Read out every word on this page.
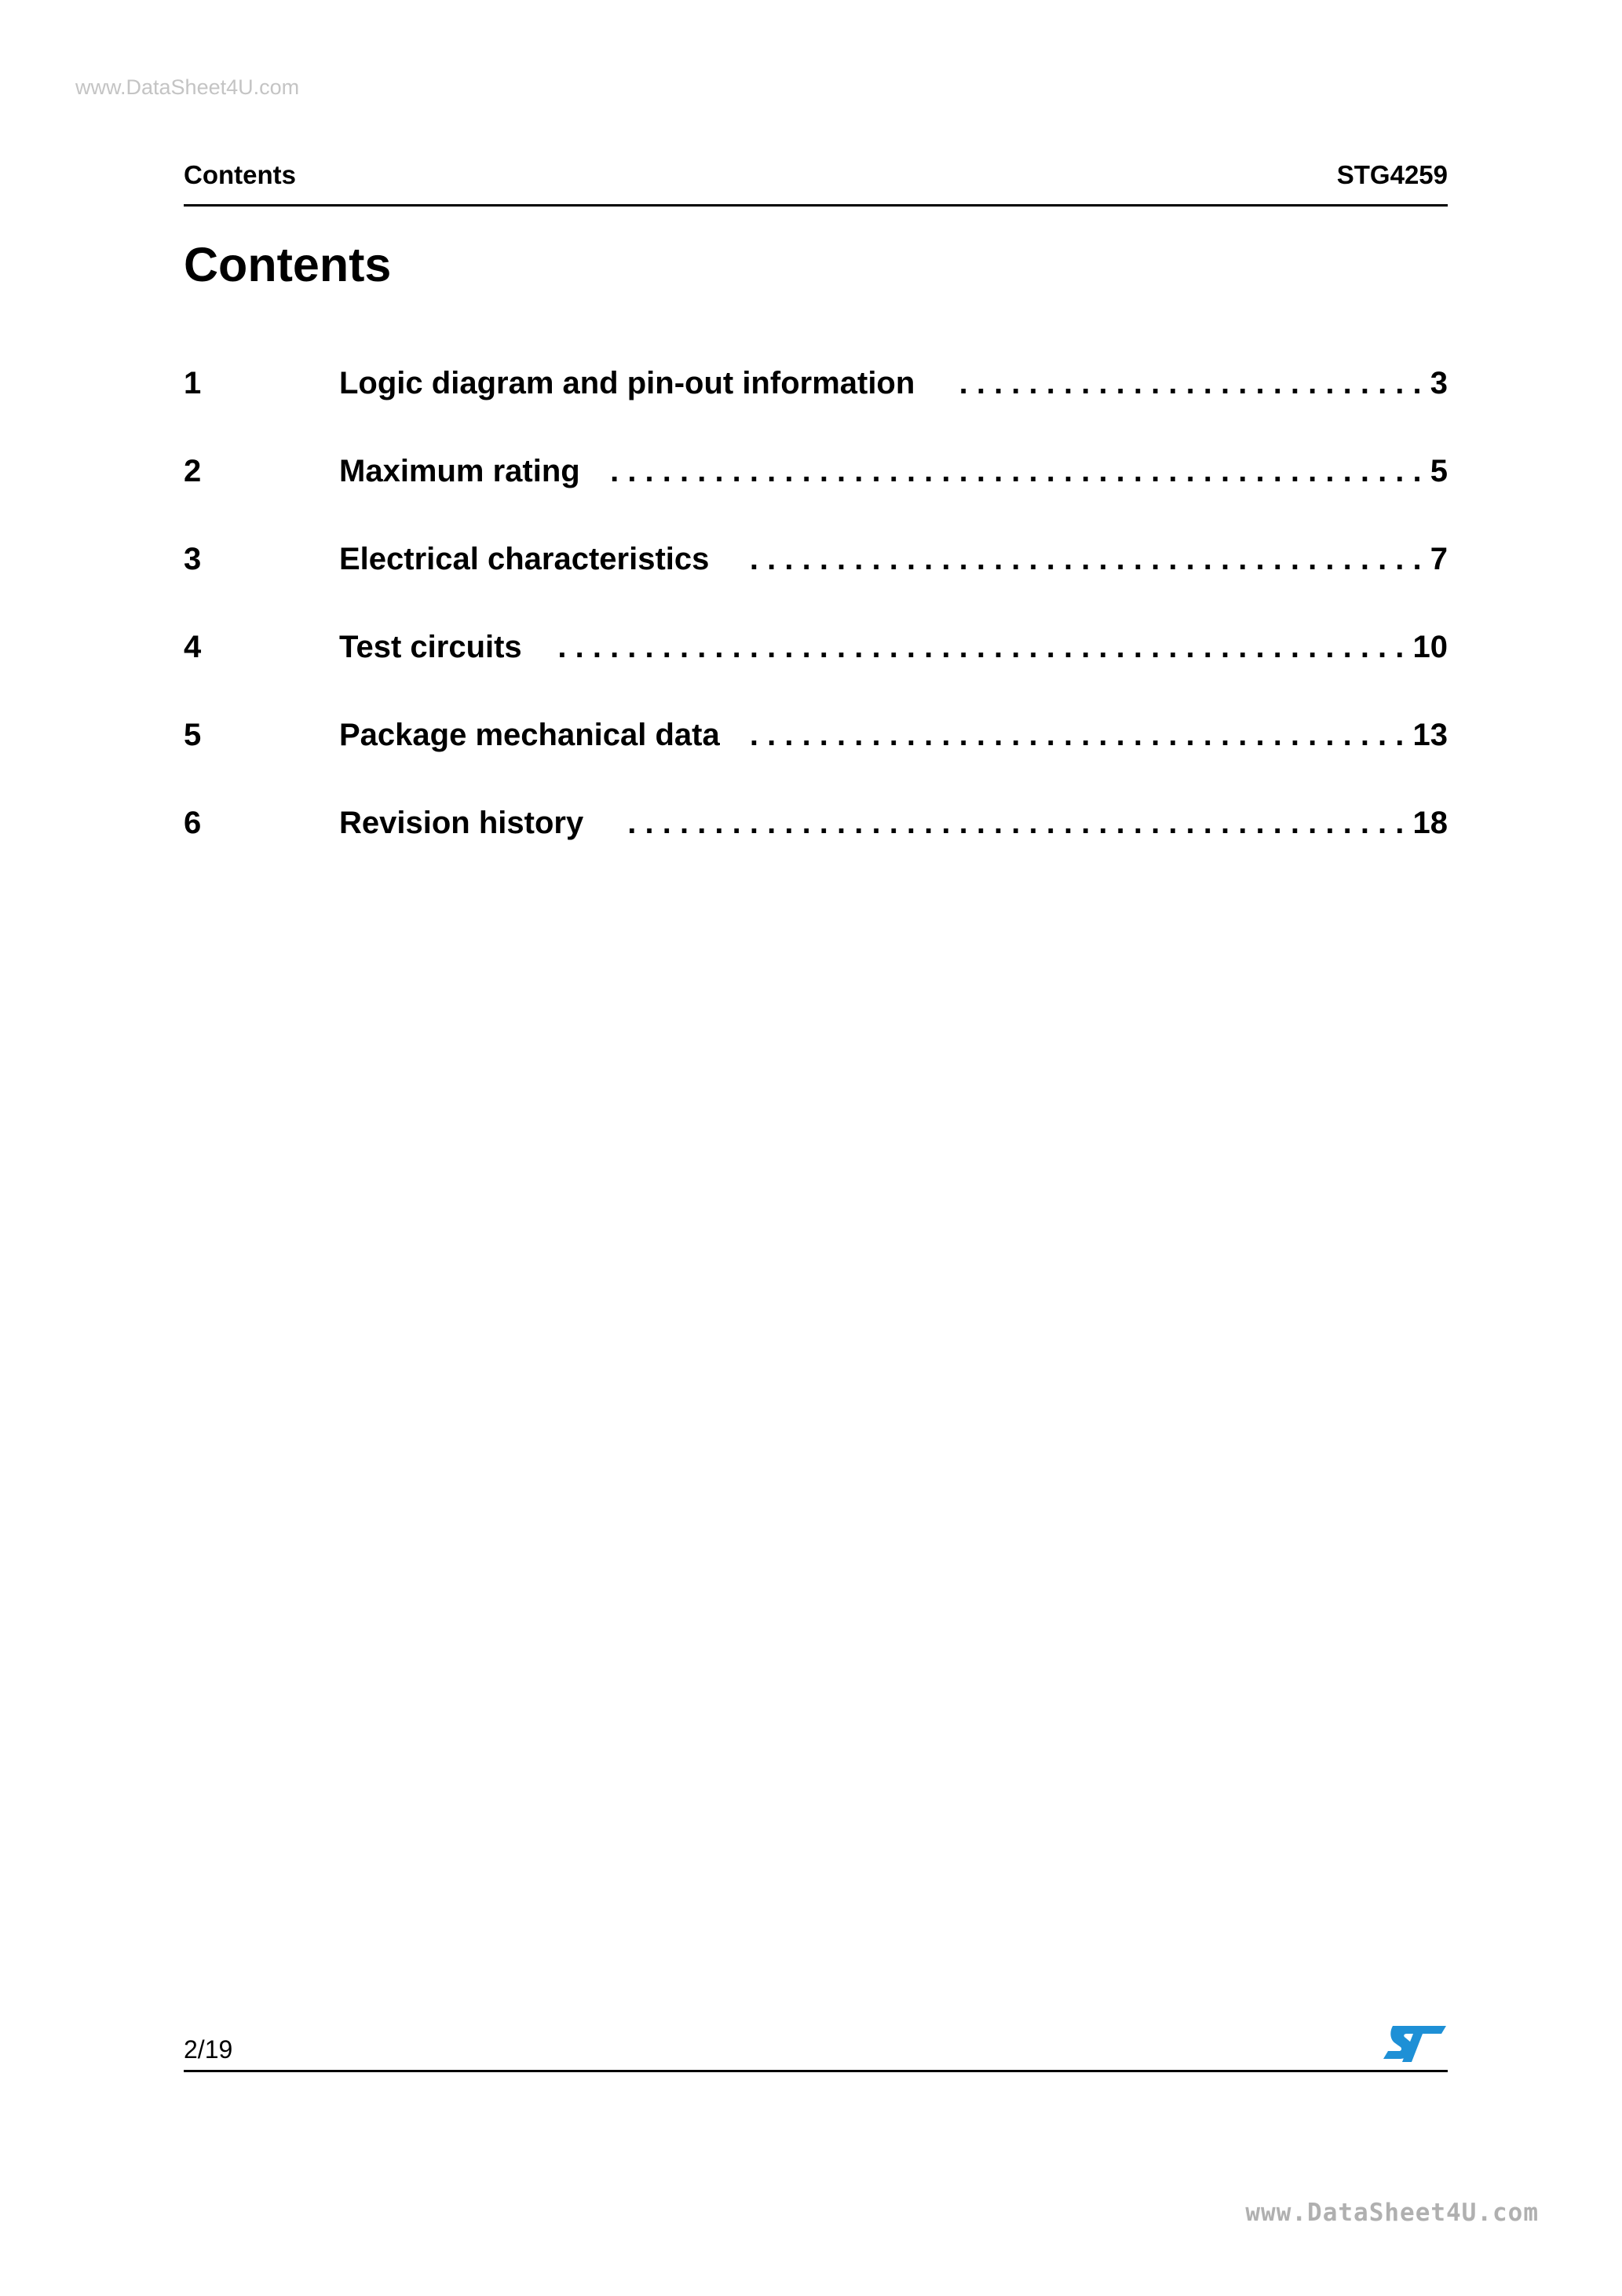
www.DataSheet4U.com
Contents	STG4259
Contents
1	Logic diagram and pin-out information	. . . . . . . . . . . . . . . . . . . . . . . . . . . 3
2	Maximum rating . . . . . . . . . . . . . . . . . . . . . . . . . . . . . . . . . . . . . . . . . . . . . . . 5
3	Electrical characteristics	. . . . . . . . . . . . . . . . . . . . . . . . . . . . . . . . . . . . . . . 7
4	Test circuits	. . . . . . . . . . . . . . . . . . . . . . . . . . . . . . . . . . . . . . . . . . . . . . . . . 10
5	Package mechanical data . . . . . . . . . . . . . . . . . . . . . . . . . . . . . . . . . . . . . . 13
6	Revision history	. . . . . . . . . . . . . . . . . . . . . . . . . . . . . . . . . . . . . . . . . . . . . 18
2/19
www.DataSheet4U.com
